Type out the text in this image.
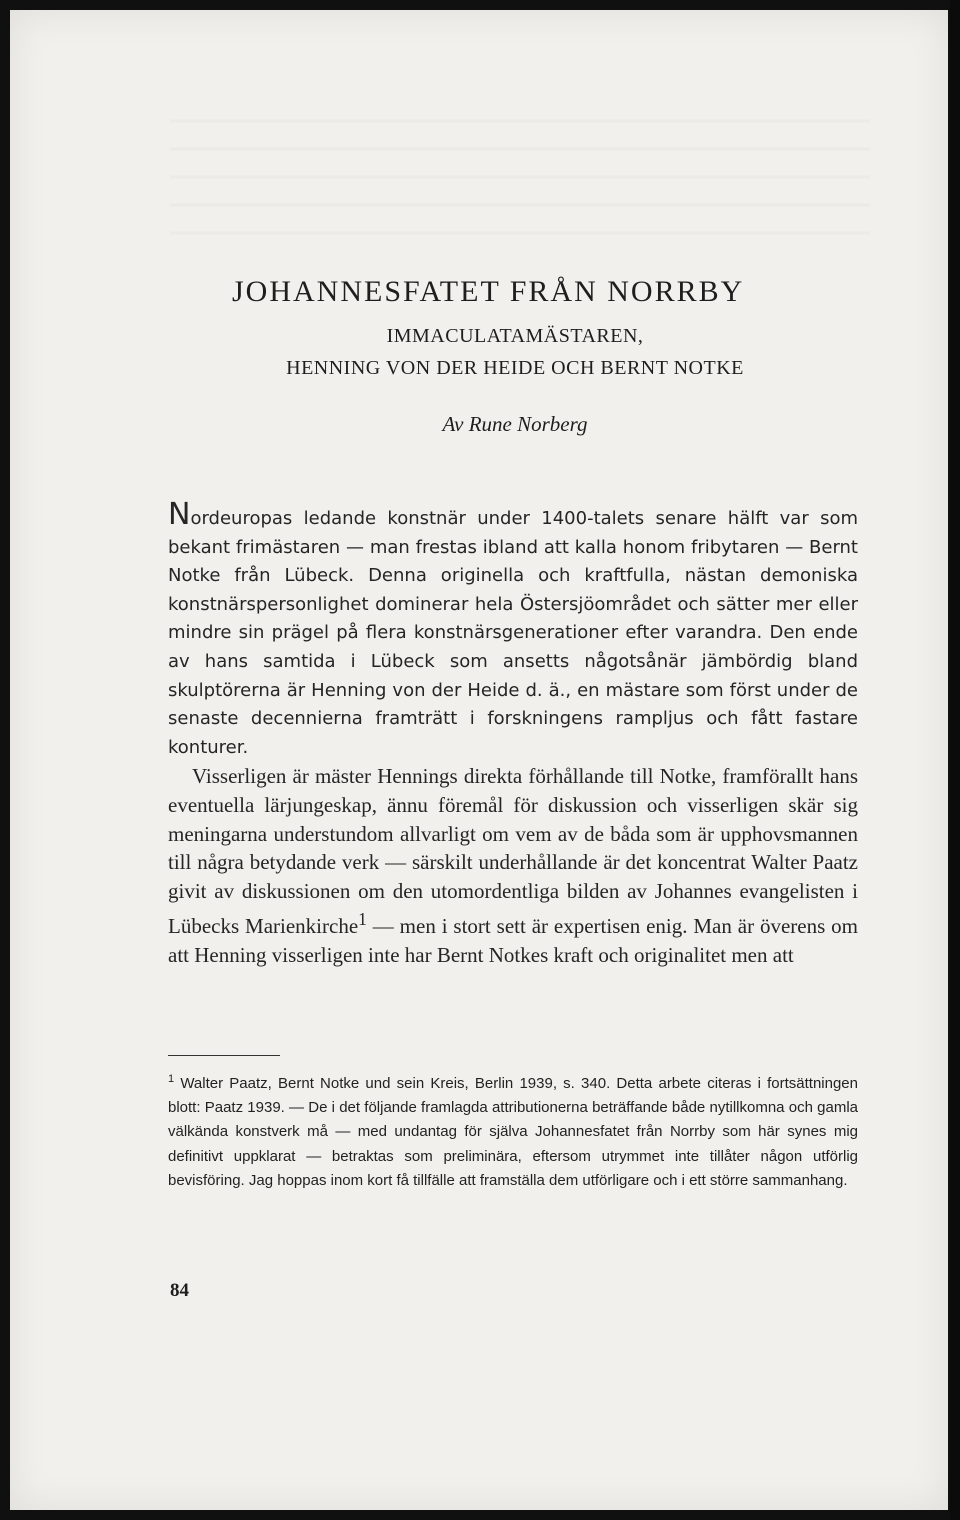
JOHANNESFATET FRÅN NORRBY
IMMACULATAMÄSTAREN,
HENNING VON DER HEIDE OCH BERNT NOTKE
Av Rune Norberg

Nordeuropas ledande konstnär under 1400-talets senare hälft var som bekant frimästaren — man frestas ibland att kalla honom fribytaren — Bernt Notke från Lübeck. Denna originella och kraftfulla, nästan demoniska konstnärspersonlighet dominerar hela Östersjöområdet och sätter mer eller mindre sin prägel på flera konstnärsgenerationer efter varandra. Den ende av hans samtida i Lübeck som ansetts någotsånär jämbördig bland skulptörerna är Henning von der Heide d. ä., en mästare som först under de senaste decennierna framträtt i forskningens rampljus och fått fastare konturer.

Visserligen är mäster Hennings direkta förhållande till Notke, framförallt hans eventuella lärjungeskap, ännu föremål för diskussion och visserligen skär sig meningarna understundom allvarligt om vem av de båda som är upphovsmannen till några betydande verk — särskilt underhållande är det koncentrat Walter Paatz givit av diskussionen om den utomordentliga bilden av Johannes evangelisten i Lübecks Marienkirche$^1$ — men i stort sett är expertisen enig. Man är överens om att Henning visserligen inte har Bernt Notkes kraft och originalitet men att

$^1$ Walter Paatz, Bernt Notke und sein Kreis, Berlin 1939, s. 340. Detta arbete citeras i fortsättningen blott: Paatz 1939. — De i det följande framlagda attributionerna beträffande både nytillkomna och gamla välkända konstverk må — med undantag för själva Johannesfatet från Norrby som här synes mig definitivt uppklarat — betraktas som preliminära, eftersom utrymmet inte tillåter någon utförlig bevisföring. Jag hoppas inom kort få tillfälle att framställa dem utförligare och i ett större sammanhang.
84
